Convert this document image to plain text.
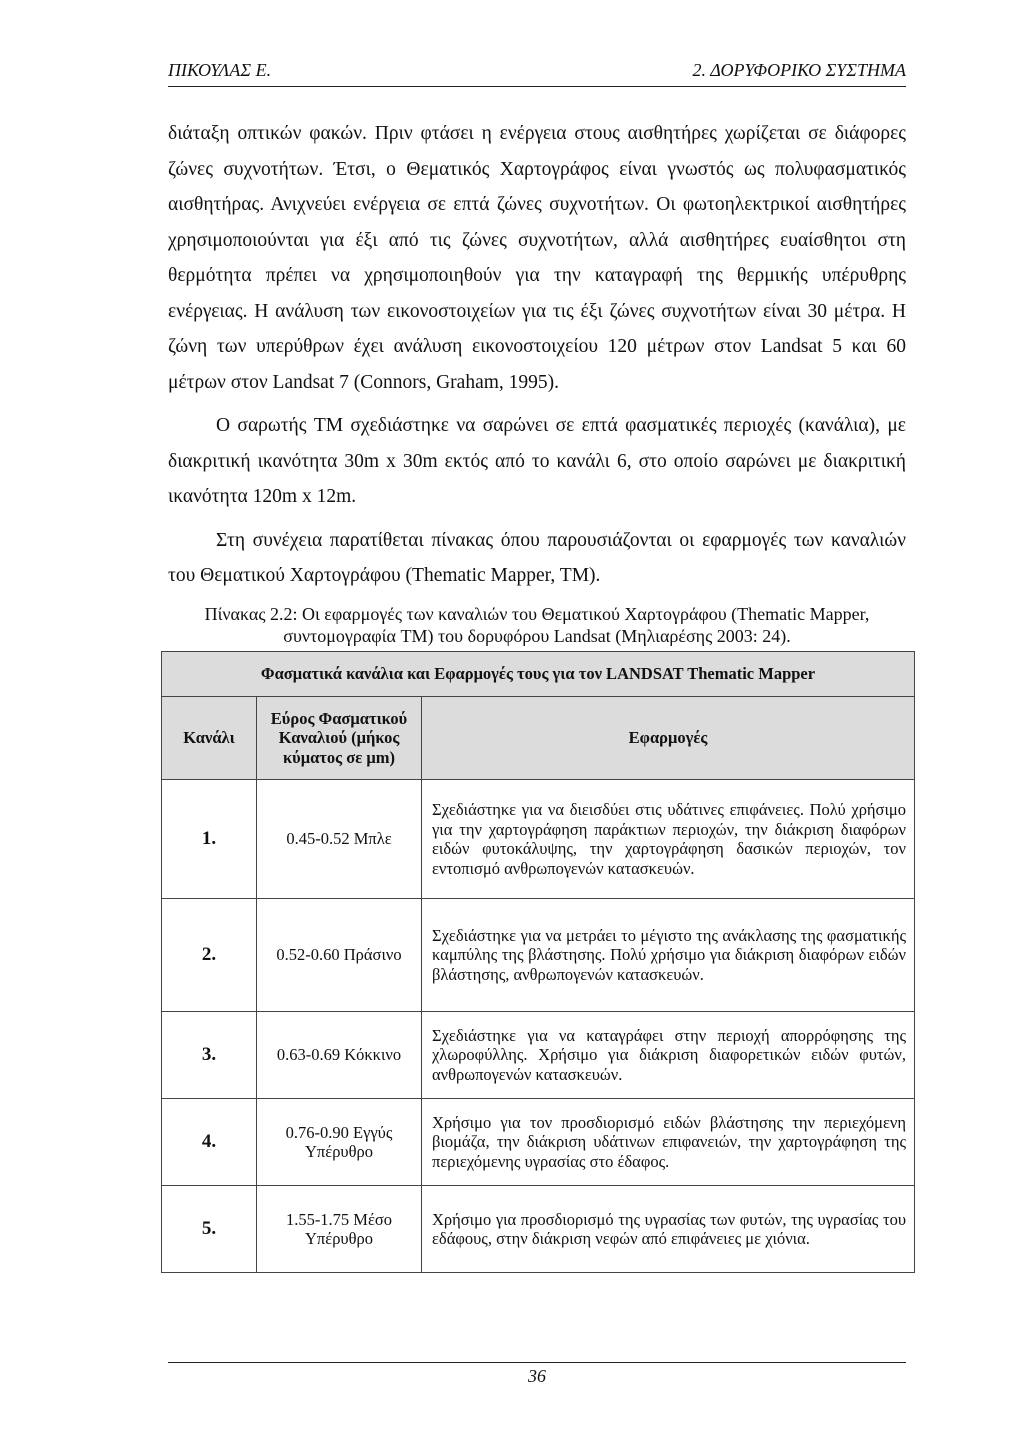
ΠΙΚΟΥΛΑΣ Ε.	2. ΔΟΡΥΦΟΡΙΚΟ ΣΥΣΤΗΜΑ

διάταξη οπτικών φακών. Πριν φτάσει η ενέργεια στους αισθητήρες χωρίζεται σε διάφορες ζώνες συχνοτήτων. Έτσι, ο Θεματικός Χαρτογράφος είναι γνωστός ως πολυφασματικός αισθητήρας. Ανιχνεύει ενέργεια σε επτά ζώνες συχνοτήτων. Οι φωτοηλεκτρικοί αισθητήρες χρησιμοποιούνται για έξι από τις ζώνες συχνοτήτων, αλλά αισθητήρες ευαίσθητοι στη θερμότητα πρέπει να χρησιμοποιηθούν για την καταγραφή της θερμικής υπέρυθρης ενέργειας. Η ανάλυση των εικονοστοιχείων για τις έξι ζώνες συχνοτήτων είναι 30 μέτρα. Η ζώνη των υπερύθρων έχει ανάλυση εικονοστοιχείου 120 μέτρων στον Landsat 5 και 60 μέτρων στον Landsat 7 (Connors, Graham, 1995).

Ο σαρωτής TM σχεδιάστηκε να σαρώνει σε επτά φασματικές περιοχές (κανάλια), με διακριτική ικανότητα 30m x 30m εκτός από το κανάλι 6, στο οποίο σαρώνει με διακριτική ικανότητα 120m x 12m.

Στη συνέχεια παρατίθεται πίνακας όπου παρουσιάζονται οι εφαρμογές των καναλιών του Θεματικού Χαρτογράφου (Thematic Mapper, TM).

Πίνακας 2.2: Οι εφαρμογές των καναλιών του Θεματικού Χαρτογράφου (Thematic Mapper,
συντομογραφία TM) του δορυφόρου Landsat (Μηλιαρέσης 2003: 24).
Φασματικά κανάλια και Εφαρμογές τους για τον LANDSAT Thematic Mapper		
Κανάλι	Εύρος Φασματικού Καναλιού (μήκος κύματος σε μm)	Εφαρμογές
1.	0.45-0.52 Μπλε	Σχεδιάστηκε για να διεισδύει στις υδάτινες επιφάνειες. Πολύ χρήσιμο για την χαρτογράφηση παράκτιων περιοχών, την διάκριση διαφόρων ειδών φυτοκάλυψης, την χαρτογράφηση δασικών περιοχών, τον εντοπισμό ανθρωπογενών κατασκευών.
2.	0.52-0.60 Πράσινο	Σχεδιάστηκε για να μετράει το μέγιστο της ανάκλασης της φασματικής καμπύλης της βλάστησης. Πολύ χρήσιμο για διάκριση διαφόρων ειδών βλάστησης, ανθρωπογενών κατασκευών.
3.	0.63-0.69 Κόκκινο	Σχεδιάστηκε για να καταγράφει στην περιοχή απορρόφησης της χλωροφύλλης. Χρήσιμο για διάκριση διαφορετικών ειδών φυτών, ανθρωπογενών κατασκευών.
4.	0.76-0.90 Εγγύς Υπέρυθρο	Χρήσιμο για τον προσδιορισμό ειδών βλάστησης την περιεχόμενη βιομάζα, την διάκριση υδάτινων επιφανειών, την χαρτογράφηση της περιεχόμενης υγρασίας στο έδαφος.
5.	1.55-1.75 Μέσο Υπέρυθρο	Χρήσιμο για προσδιορισμό της υγρασίας των φυτών, της υγρασίας του εδάφους, στην διάκριση νεφών από επιφάνειες με χιόνια.
36
